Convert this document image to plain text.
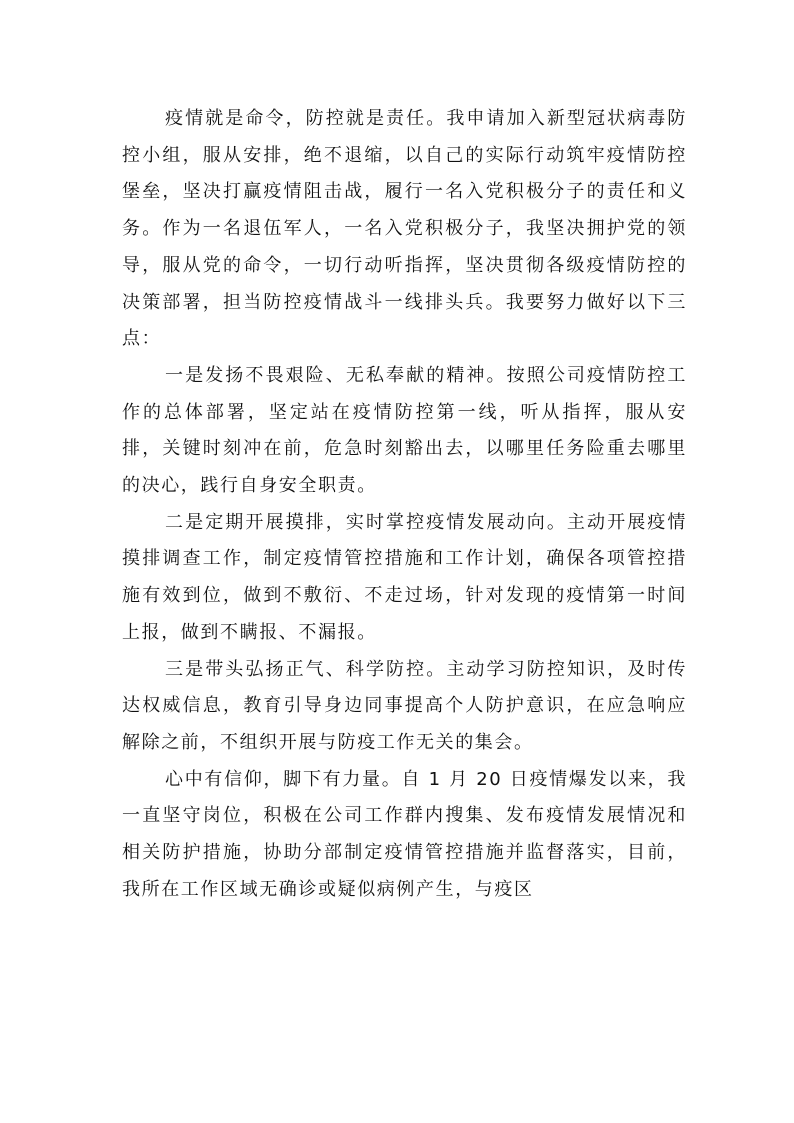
疫情就是命令，防控就是责任。我申请加入新型冠状病毒防控小组，服从安排，绝不退缩，以自己的实际行动筑牢疫情防控堡垒，坚决打赢疫情阻击战，履行一名入党积极分子的责任和义务。作为一名退伍军人，一名入党积极分子，我坚决拥护党的领导，服从党的命令，一切行动听指挥，坚决贯彻各级疫情防控的决策部署，担当防控疫情战斗一线排头兵。我要努力做好以下三点：

一是发扬不畏艰险、无私奉献的精神。按照公司疫情防控工作的总体部署，坚定站在疫情防控第一线，听从指挥，服从安排，关键时刻冲在前，危急时刻豁出去，以哪里任务险重去哪里的决心，践行自身安全职责。

二是定期开展摸排，实时掌控疫情发展动向。主动开展疫情摸排调查工作，制定疫情管控措施和工作计划，确保各项管控措施有效到位，做到不敷衍、不走过场，针对发现的疫情第一时间上报，做到不瞒报、不漏报。

三是带头弘扬正气、科学防控。主动学习防控知识，及时传达权威信息，教育引导身边同事提高个人防护意识，在应急响应解除之前，不组织开展与防疫工作无关的集会。

心中有信仰，脚下有力量。自 1 月 20 日疫情爆发以来，我一直坚守岗位，积极在公司工作群内搜集、发布疫情发展情况和相关防护措施，协助分部制定疫情管控措施并监督落实，目前，我所在工作区域无确诊或疑似病例产生，与疫区
